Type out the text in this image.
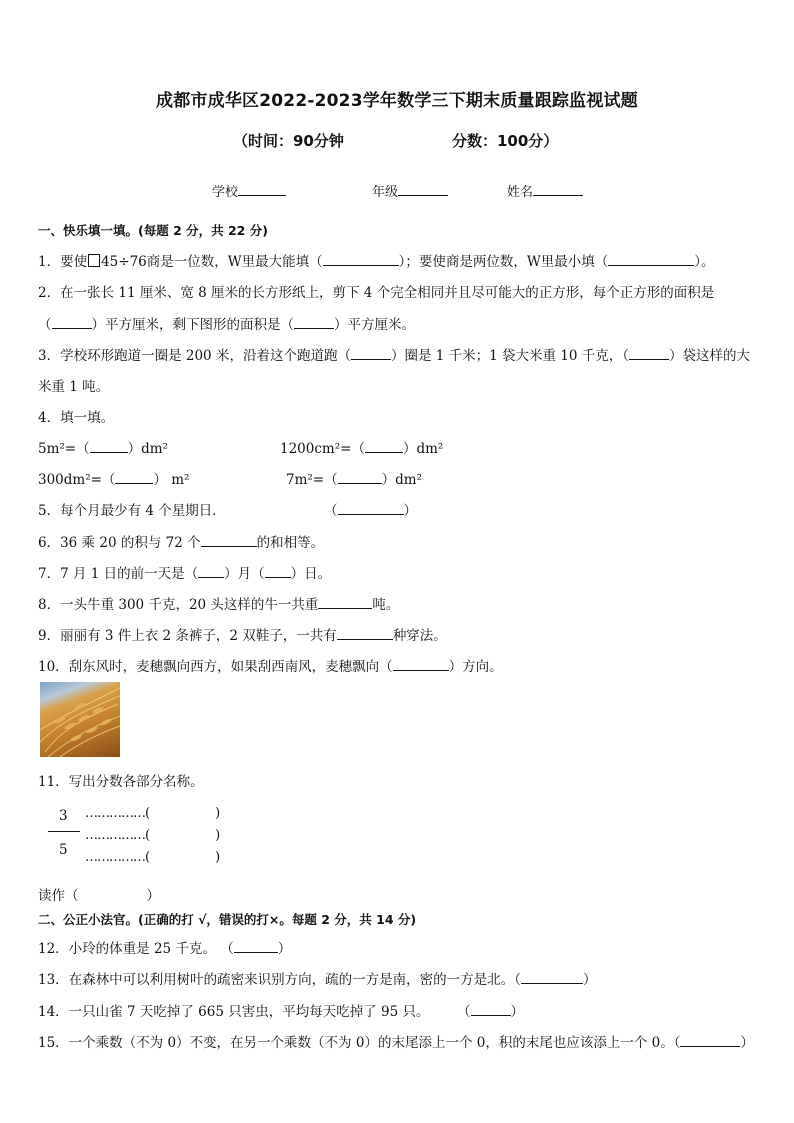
成都市成华区2022-2023学年数学三下期末质量跟踪监视试题
（时间：90分钟	分数：100分）
学校	年级	姓名
一、快乐填一填。(每题 2 分，共 22 分)
1．要使 45÷76商是一位数，W里最大能填（	）；要使商是两位数，W里最小填（	）。
2．在一张长 11 厘米、宽 8 厘米的长方形纸上，剪下 4 个完全相同并且尽可能大的正方形，每个正方形的面积是
（	）平方厘米，剩下图形的面积是（	）平方厘米。
3．学校环形跑道一圈是 200 米，沿着这个跑道跑（	）圈是 1 千米；1 袋大米重 10 千克，（	）袋这样的大
米重 1 吨。
4．填一填。
5m²=（	）dm²	1200cm²=（	）dm²
300dm²=（	） m²	7m²=（	）dm²
5．每个月最少有 4 个星期日．	（	）
6．36 乘 20 的积与 72 个	的和相等。
7．7 月 1 日的前一天是（ ）月（ ）日。
8．一头牛重 300 千克，20 头这样的牛一共重	吨。
9．丽丽有 3 件上衣 2 条裤子，2 双鞋子，一共有	种穿法。
10．刮东风时，麦穗飘向西方，如果刮西南风，麦穗飘向（	）方向。
11．写出分数各部分名称。
3
5
……………(	)
……………(	)
……………(	)
读作（	）
二、公正小法官。(正确的打 √，错误的打×。每题 2 分，共 14 分)
12．小玲的体重是 25 千克。 （	）
13．在森林中可以利用树叶的疏密来识别方向，疏的一方是南，密的一方是北。（	）
14．一只山雀 7 天吃掉了 665 只害虫，平均每天吃掉了 95 只。 （	）
15．一个乘数（不为 0）不变，在另一个乘数（不为 0）的末尾添上一个 0，积的末尾也应该添上一个 0。（	）
